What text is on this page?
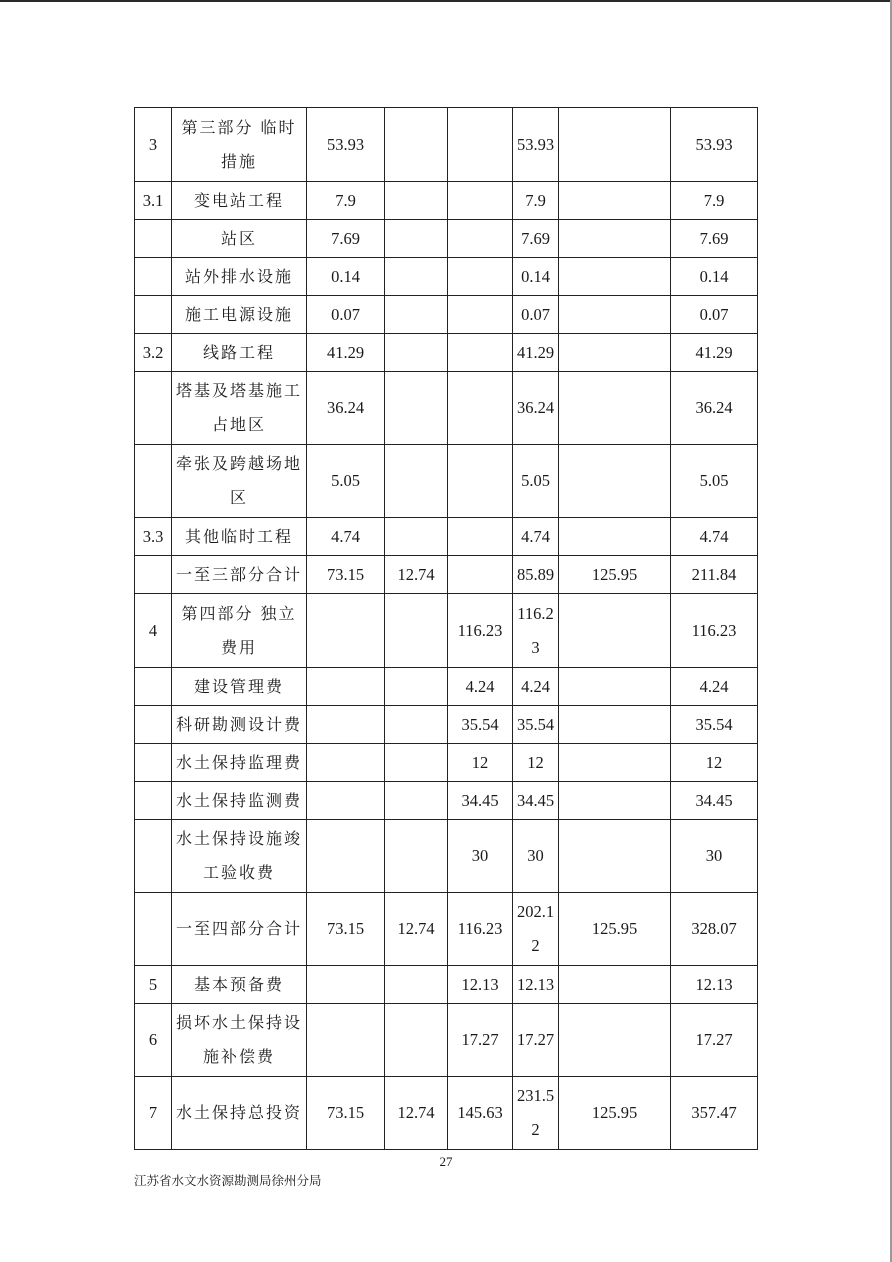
3	第三部分 临时措施	53.93			53.93		53.93
3.1	变电站工程	7.9			7.9		7.9
	站区	7.69			7.69		7.69
	站外排水设施	0.14			0.14		0.14
	施工电源设施	0.07			0.07		0.07
3.2	线路工程	41.29			41.29		41.29
	塔基及塔基施工占地区	36.24			36.24		36.24
	牵张及跨越场地区	5.05			5.05		5.05
3.3	其他临时工程	4.74			4.74		4.74
	一至三部分合计	73.15	12.74		85.89	125.95	211.84
4	第四部分 独立费用			116.23	116.23		116.23
	建设管理费			4.24	4.24		4.24
	科研勘测设计费			35.54	35.54		35.54
	水土保持监理费			12	12		12
	水土保持监测费			34.45	34.45		34.45
	水土保持设施竣工验收费			30	30		30
	一至四部分合计	73.15	12.74	116.23	202.12	125.95	328.07
5	基本预备费			12.13	12.13		12.13
6	损坏水土保持设施补偿费			17.27	17.27		17.27
7	水土保持总投资	73.15	12.74	145.63	231.52	125.95	357.47
27
江苏省水文水资源勘测局徐州分局
